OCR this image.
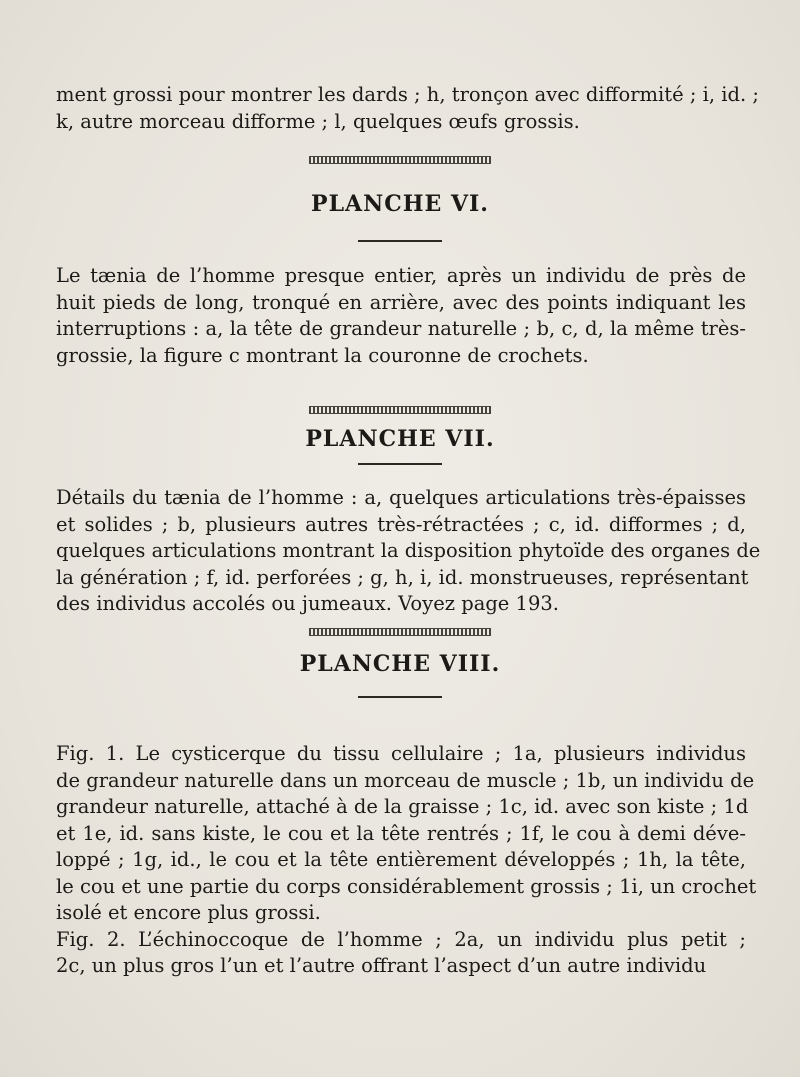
ment grossi pour montrer les dards ; h, tronçon avec difformité ; i, id. ;
k, autre morceau difforme ; l, quelques œufs grossis.
PLANCHE VI.
Le tænia de l’homme presque entier, après un individu de près de
huit pieds de long, tronqué en arrière, avec des points indiquant les
interruptions : a, la tête de grandeur naturelle ; b, c, d, la même très-
grossie, la figure c montrant la couronne de crochets.
PLANCHE VII.
Détails du tænia de l’homme : a, quelques articulations très-épaisses
et solides ; b, plusieurs autres très-rétractées ; c, id. difformes ; d,
quelques articulations montrant la disposition phytoïde des organes de
la génération ; f, id. perforées ; g, h, i, id. monstrueuses, représentant
des individus accolés ou jumeaux. Voyez page 193.
PLANCHE VIII.
Fig. 1. Le cysticerque du tissu cellulaire ; 1a, plusieurs individus
de grandeur naturelle dans un morceau de muscle ; 1b, un individu de
grandeur naturelle, attaché à de la graisse ; 1c, id. avec son kiste ; 1d
et 1e, id. sans kiste, le cou et la tête rentrés ; 1f, le cou à demi déve-
loppé ; 1g, id., le cou et la tête entièrement développés ; 1h, la tête,
le cou et une partie du corps considérablement grossis ; 1i, un crochet
isolé et encore plus grossi.
Fig. 2. L’échinoccoque de l’homme ; 2a, un individu plus petit ;
2c, un plus gros l’un et l’autre offrant l’aspect d’un autre individu
